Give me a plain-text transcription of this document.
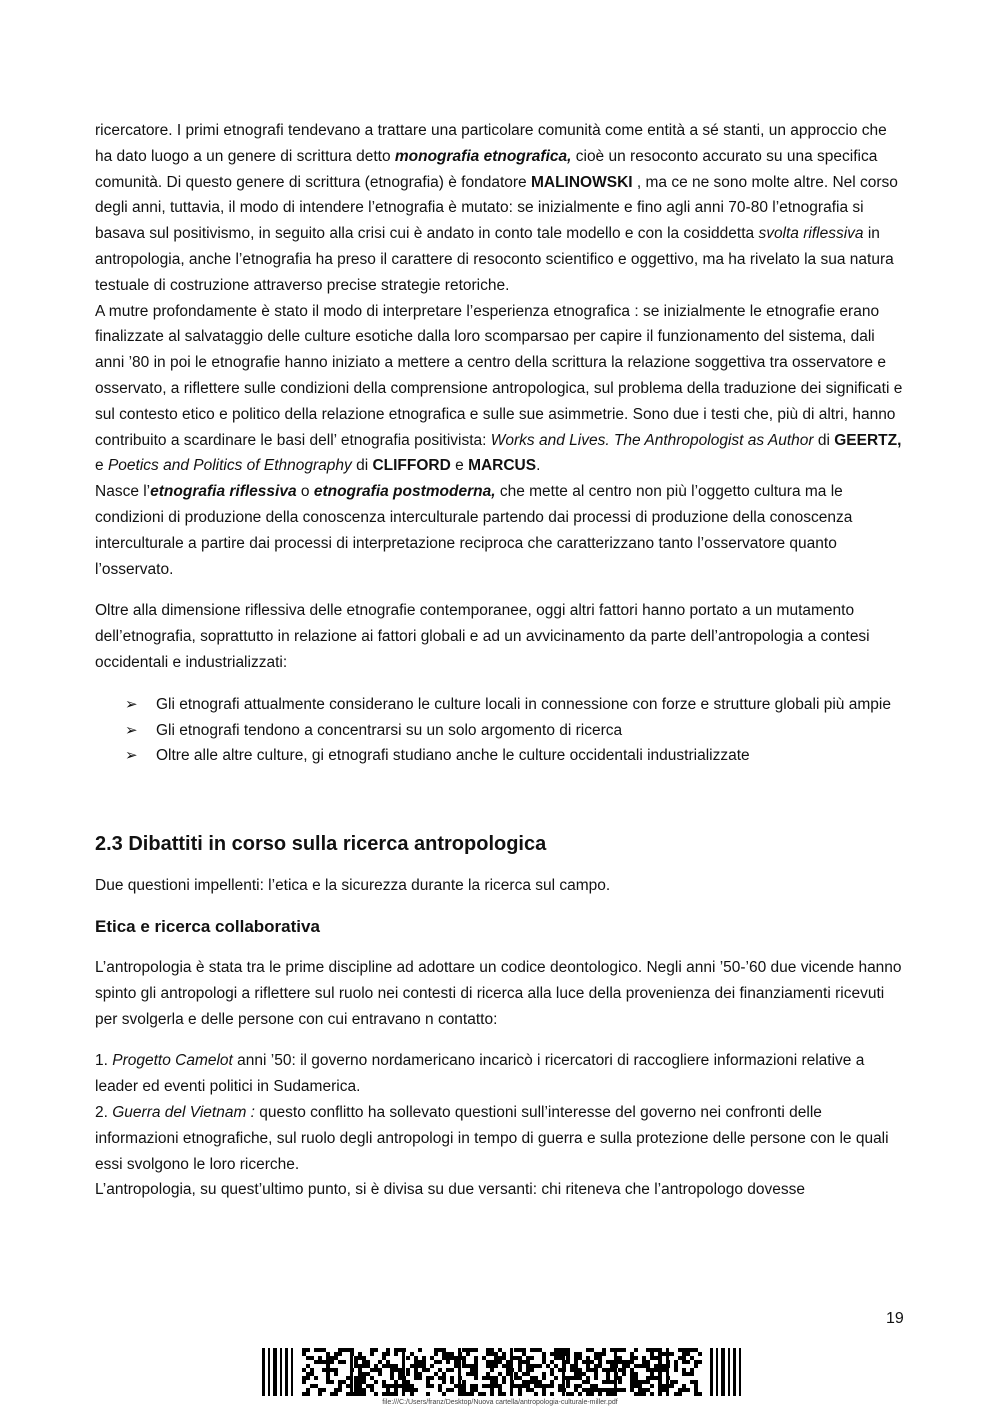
ricercatore. I primi etnografi tendevano a trattare una particolare comunità come entità a sé stanti, un approccio che ha dato luogo a un genere di scrittura detto monografia etnografica, cioè un resoconto accurato su una specifica comunità. Di questo genere di scrittura (etnografia) è fondatore MALINOWSKI , ma ce ne sono molte altre. Nel corso degli anni, tuttavia, il modo di intendere l’etnografia è mutato: se inizialmente e fino agli anni 70-80 l’etnografia si basava sul positivismo, in seguito alla crisi cui è andato in conto tale modello e con la cosiddetta svolta riflessiva in antropologia, anche l’etnografia ha preso il carattere di resoconto scientifico e oggettivo, ma ha rivelato la sua natura testuale di costruzione attraverso precise strategie retoriche.

A mutre profondamente è stato il modo di interpretare l’esperienza etnografica : se inizialmente le etnografie erano finalizzate al salvataggio delle culture esotiche dalla loro scomparsao per capire il funzionamento del sistema, dali anni ’80 in poi le etnografie hanno iniziato a mettere a centro della scrittura la relazione soggettiva tra osservatore e osservato, a riflettere sulle condizioni della comprensione antropologica, sul problema della traduzione dei significati e sul contesto etico e politico della relazione etnografica e sulle sue asimmetrie. Sono due i testi che, più di altri, hanno contribuito a scardinare le basi dell’ etnografia positivista: Works and Lives. The Anthropologist as Author di GEERTZ, e Poetics and Politics of Ethnography di CLIFFORD e MARCUS.

Nasce l’etnografia riflessiva o etnografia postmoderna, che mette al centro non più l’oggetto cultura ma le condizioni di produzione della conoscenza interculturale partendo dai processi di produzione della conoscenza interculturale a partire dai processi di interpretazione reciproca che caratterizzano tanto l’osservatore quanto l’osservato.

Oltre alla dimensione riflessiva delle etnografie contemporanee, oggi altri fattori hanno portato a un mutamento dell’etnografia, soprattutto in relazione ai fattori globali e ad un avvicinamento da parte dell’antropologia a contesi occidentali e industrializzati:

➢ Gli etnografi attualmente considerano le culture locali in connessione con forze e strutture globali più ampie
➢ Gli etnografi tendono a concentrarsi su un solo argomento di ricerca
➢ Oltre alle altre culture, gi etnografi studiano anche le culture occidentali industrializzate
2.3 Dibattiti in corso sulla ricerca antropologica

Due questioni impellenti: l’etica e la sicurezza durante la ricerca sul campo.

Etica e ricerca collaborativa

L’antropologia è stata tra le prime discipline ad adottare un codice deontologico. Negli anni ’50-’60 due vicende hanno spinto gli antropologi a riflettere sul ruolo nei contesti di ricerca alla luce della provenienza dei finanziamenti ricevuti per svolgerla e delle persone con cui entravano n contatto:

1. Progetto Camelot anni ’50: il governo nordamericano incaricò i ricercatori di raccogliere informazioni relative a leader ed eventi politici in Sudamerica.

2. Guerra del Vietnam : questo conflitto ha sollevato questioni sull’interesse del governo nei confronti delle informazioni etnografiche, sul ruolo degli antropologi in tempo di guerra e sulla protezione delle persone con le quali essi svolgono le loro ricerche.

L’antropologia, su quest’ultimo punto, si è divisa su due versanti: chi riteneva che l’antropologo dovesse

19
file:///C:/Users/franz/Desktop/Nuova cartella/antropologia-culturale-miller.pdf
